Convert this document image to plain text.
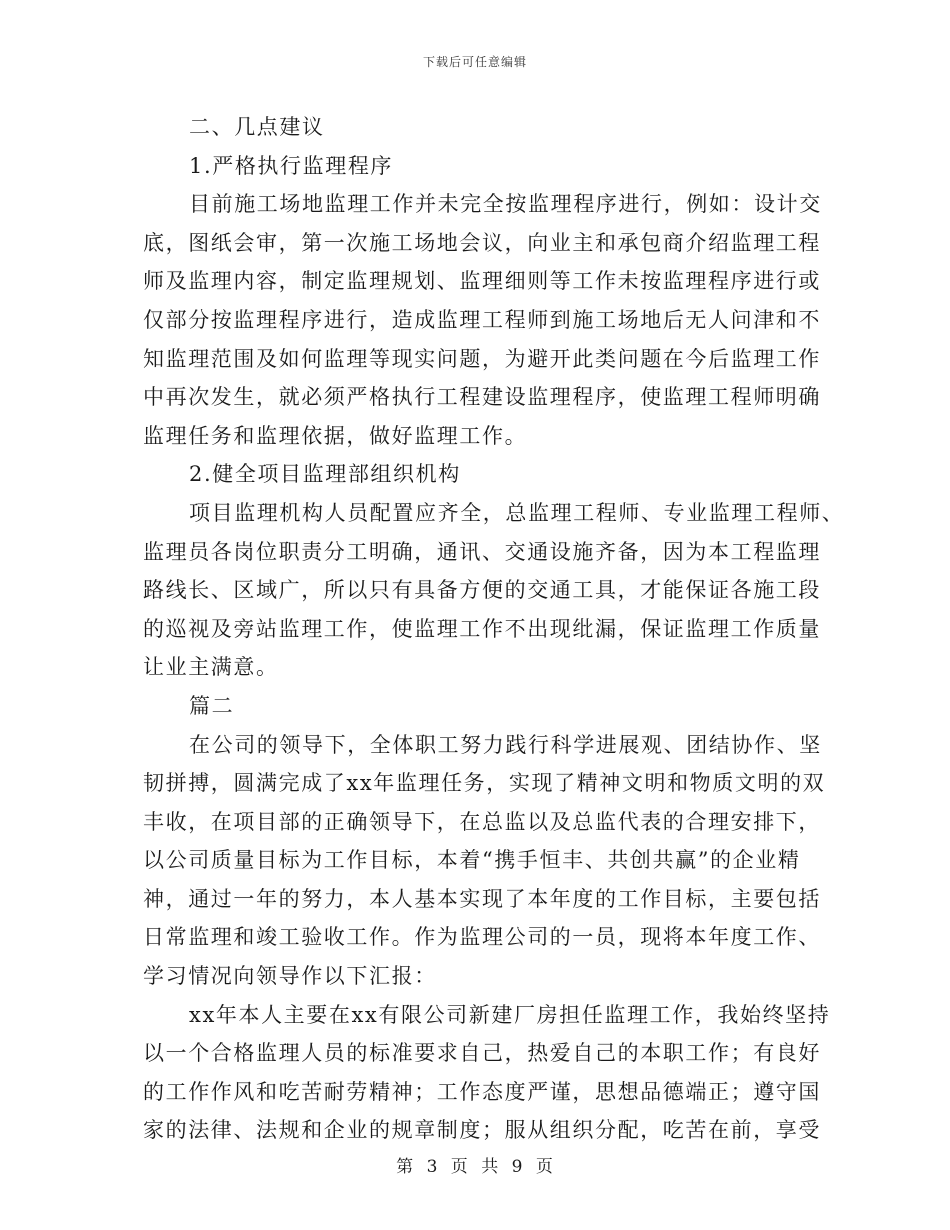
下载后可任意编辑
二、几点建议
1.严格执行监理程序
目前施工场地监理工作并未完全按监理程序进行，例如：设计交
底，图纸会审，第一次施工场地会议，向业主和承包商介绍监理工程
师及监理内容，制定监理规划、监理细则等工作未按监理程序进行或
仅部分按监理程序进行，造成监理工程师到施工场地后无人问津和不
知监理范围及如何监理等现实问题，为避开此类问题在今后监理工作
中再次发生，就必须严格执行工程建设监理程序，使监理工程师明确
监理任务和监理依据，做好监理工作。
2.健全项目监理部组织机构
项目监理机构人员配置应齐全，总监理工程师、专业监理工程师、
监理员各岗位职责分工明确，通讯、交通设施齐备，因为本工程监理
路线长、区域广，所以只有具备方便的交通工具，才能保证各施工段
的巡视及旁站监理工作，使监理工作不出现纰漏，保证监理工作质量
让业主满意。
篇二
在公司的领导下，全体职工努力践行科学进展观、团结协作、坚
韧拼搏，圆满完成了xx年监理任务，实现了精神文明和物质文明的双
丰收，在项目部的正确领导下，在总监以及总监代表的合理安排下，
以公司质量目标为工作目标，本着“携手恒丰、共创共赢”的企业精
神，通过一年的努力，本人基本实现了本年度的工作目标，主要包括
日常监理和竣工验收工作。作为监理公司的一员，现将本年度工作、
学习情况向领导作以下汇报：
xx年本人主要在xx有限公司新建厂房担任监理工作，我始终坚持
以一个合格监理人员的标准要求自己，热爱自己的本职工作；有良好
的工作作风和吃苦耐劳精神；工作态度严谨，思想品德端正；遵守国
家的法律、法规和企业的规章制度；服从组织分配，吃苦在前，享受
第 3 页 共 9 页
